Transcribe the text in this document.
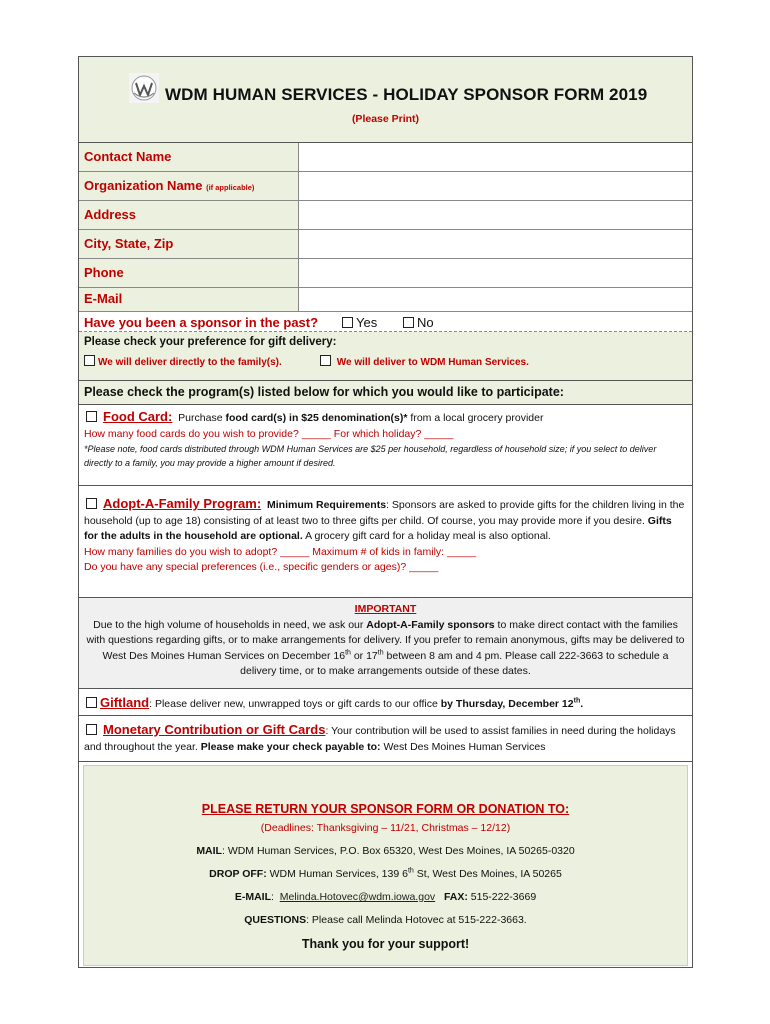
WDM HUMAN SERVICES - HOLIDAY SPONSOR FORM 2019
(Please Print)
Contact Name
Organization Name (if applicable)
Address
City, State, Zip
Phone
E-Mail
Have you been a sponsor in the past?	Yes	No
Please check your preference for gift delivery:
We will deliver directly to the family(s).	We will deliver to WDM Human Services.
Please check the program(s) listed below for which you would like to participate:
Food Card: Purchase food card(s) in $25 denomination(s)* from a local grocery provider
How many food cards do you wish to provide? _____ For which holiday? _____
*Please note, food cards distributed through WDM Human Services are $25 per household, regardless of household size; if you select to deliver directly to a family, you may provide a higher amount if desired.
Adopt-A-Family Program: Minimum Requirements: Sponsors are asked to provide gifts for the children living in the household (up to age 18) consisting of at least two to three gifts per child. Of course, you may provide more if you desire. Gifts for the adults in the household are optional. A grocery gift card for a holiday meal is also optional.
How many families do you wish to adopt? _____ Maximum # of kids in family: _____
Do you have any special preferences (i.e., specific genders or ages)? _____
IMPORTANT
Due to the high volume of households in need, we ask our Adopt-A-Family sponsors to make direct contact with the families with questions regarding gifts, or to make arrangements for delivery. If you prefer to remain anonymous, gifts may be delivered to West Des Moines Human Services on December 16th or 17th between 8 am and 4 pm. Please call 222-3663 to schedule a delivery time, or to make arrangements outside of these dates.
Giftland: Please deliver new, unwrapped toys or gift cards to our office by Thursday, December 12th.
Monetary Contribution or Gift Cards: Your contribution will be used to assist families in need during the holidays and throughout the year. Please make your check payable to: West Des Moines Human Services
PLEASE RETURN YOUR SPONSOR FORM OR DONATION TO:
(Deadlines: Thanksgiving – 11/21, Christmas – 12/12)
MAIL: WDM Human Services, P.O. Box 65320, West Des Moines, IA 50265-0320
DROP OFF: WDM Human Services, 139 6th St, West Des Moines, IA 50265
E-MAIL:  Melinda.Hotovec@wdm.iowa.gov FAX: 515-222-3669
QUESTIONS: Please call Melinda Hotovec at 515-222-3663.
Thank you for your support!
